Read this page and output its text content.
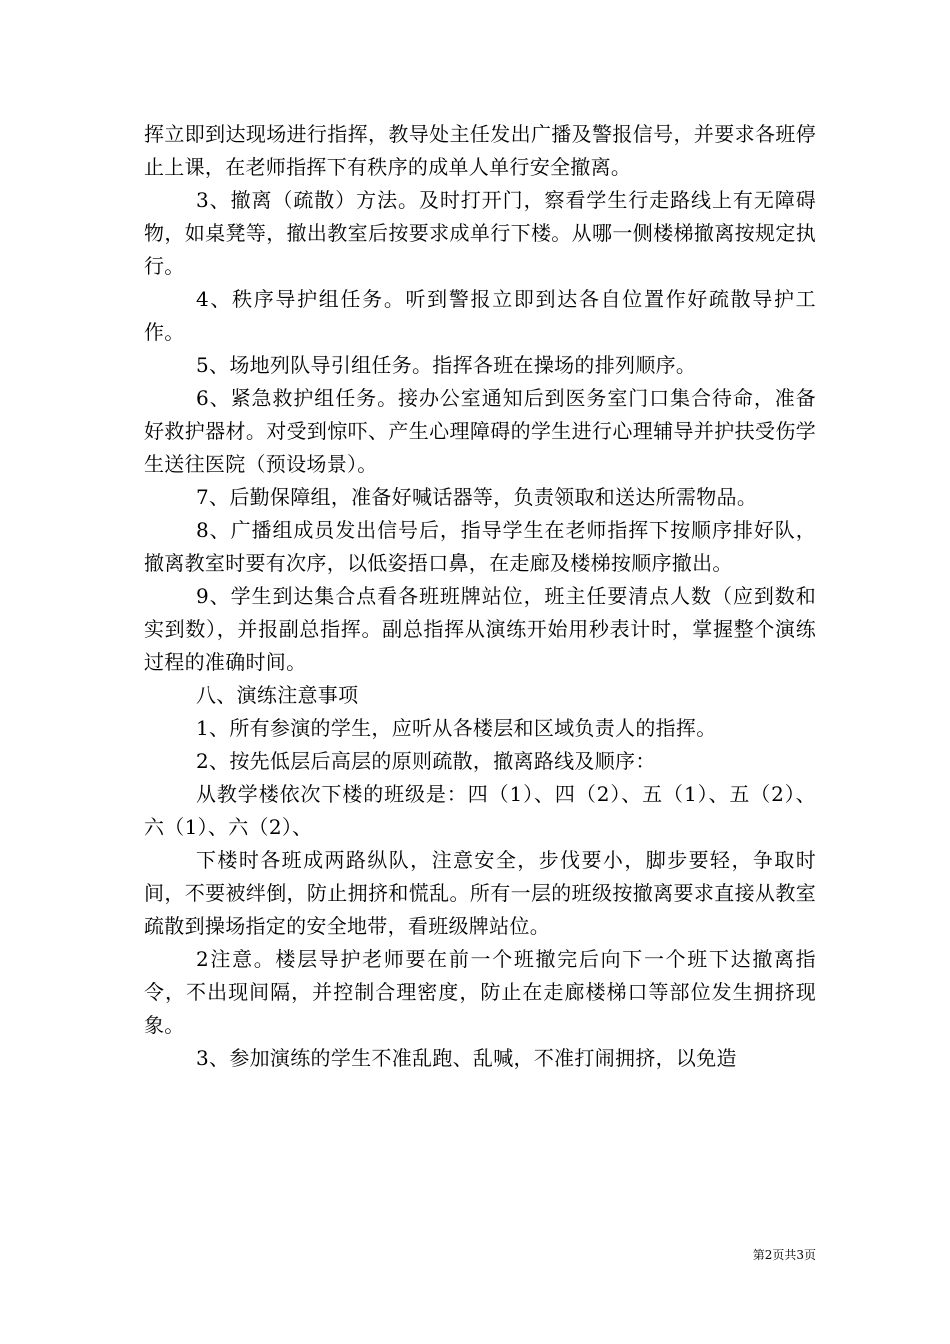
挥立即到达现场进行指挥，教导处主任发出广播及警报信号，并要求各班停止上课，在老师指挥下有秩序的成单人单行安全撤离。

3、撤离（疏散）方法。及时打开门，察看学生行走路线上有无障碍物，如桌凳等，撤出教室后按要求成单行下楼。从哪一侧楼梯撤离按规定执行。

4、秩序导护组任务。听到警报立即到达各自位置作好疏散导护工作。

5、场地列队导引组任务。指挥各班在操场的排列顺序。

6、紧急救护组任务。接办公室通知后到医务室门口集合待命，准备好救护器材。对受到惊吓、产生心理障碍的学生进行心理辅导并护扶受伤学生送往医院（预设场景）。

7、后勤保障组，准备好喊话器等，负责领取和送达所需物品。

8、广播组成员发出信号后，指导学生在老师指挥下按顺序排好队，撤离教室时要有次序，以低姿捂口鼻，在走廊及楼梯按顺序撤出。

9、学生到达集合点看各班班牌站位，班主任要清点人数（应到数和实到数），并报副总指挥。副总指挥从演练开始用秒表计时，掌握整个演练过程的准确时间。

八、演练注意事项

1、所有参演的学生，应听从各楼层和区域负责人的指挥。

2、按先低层后高层的原则疏散，撤离路线及顺序：

从教学楼依次下楼的班级是：四（1）、四（2）、五（1）、五（2）、六（1）、六（2）、

下楼时各班成两路纵队，注意安全，步伐要小，脚步要轻，争取时间，不要被绊倒，防止拥挤和慌乱。所有一层的班级按撤离要求直接从教室疏散到操场指定的安全地带，看班级牌站位。

2注意。楼层导护老师要在前一个班撤完后向下一个班下达撤离指令，不出现间隔，并控制合理密度，防止在走廊楼梯口等部位发生拥挤现象。

3、参加演练的学生不准乱跑、乱喊，不准打闹拥挤，以免造

第2页共3页
